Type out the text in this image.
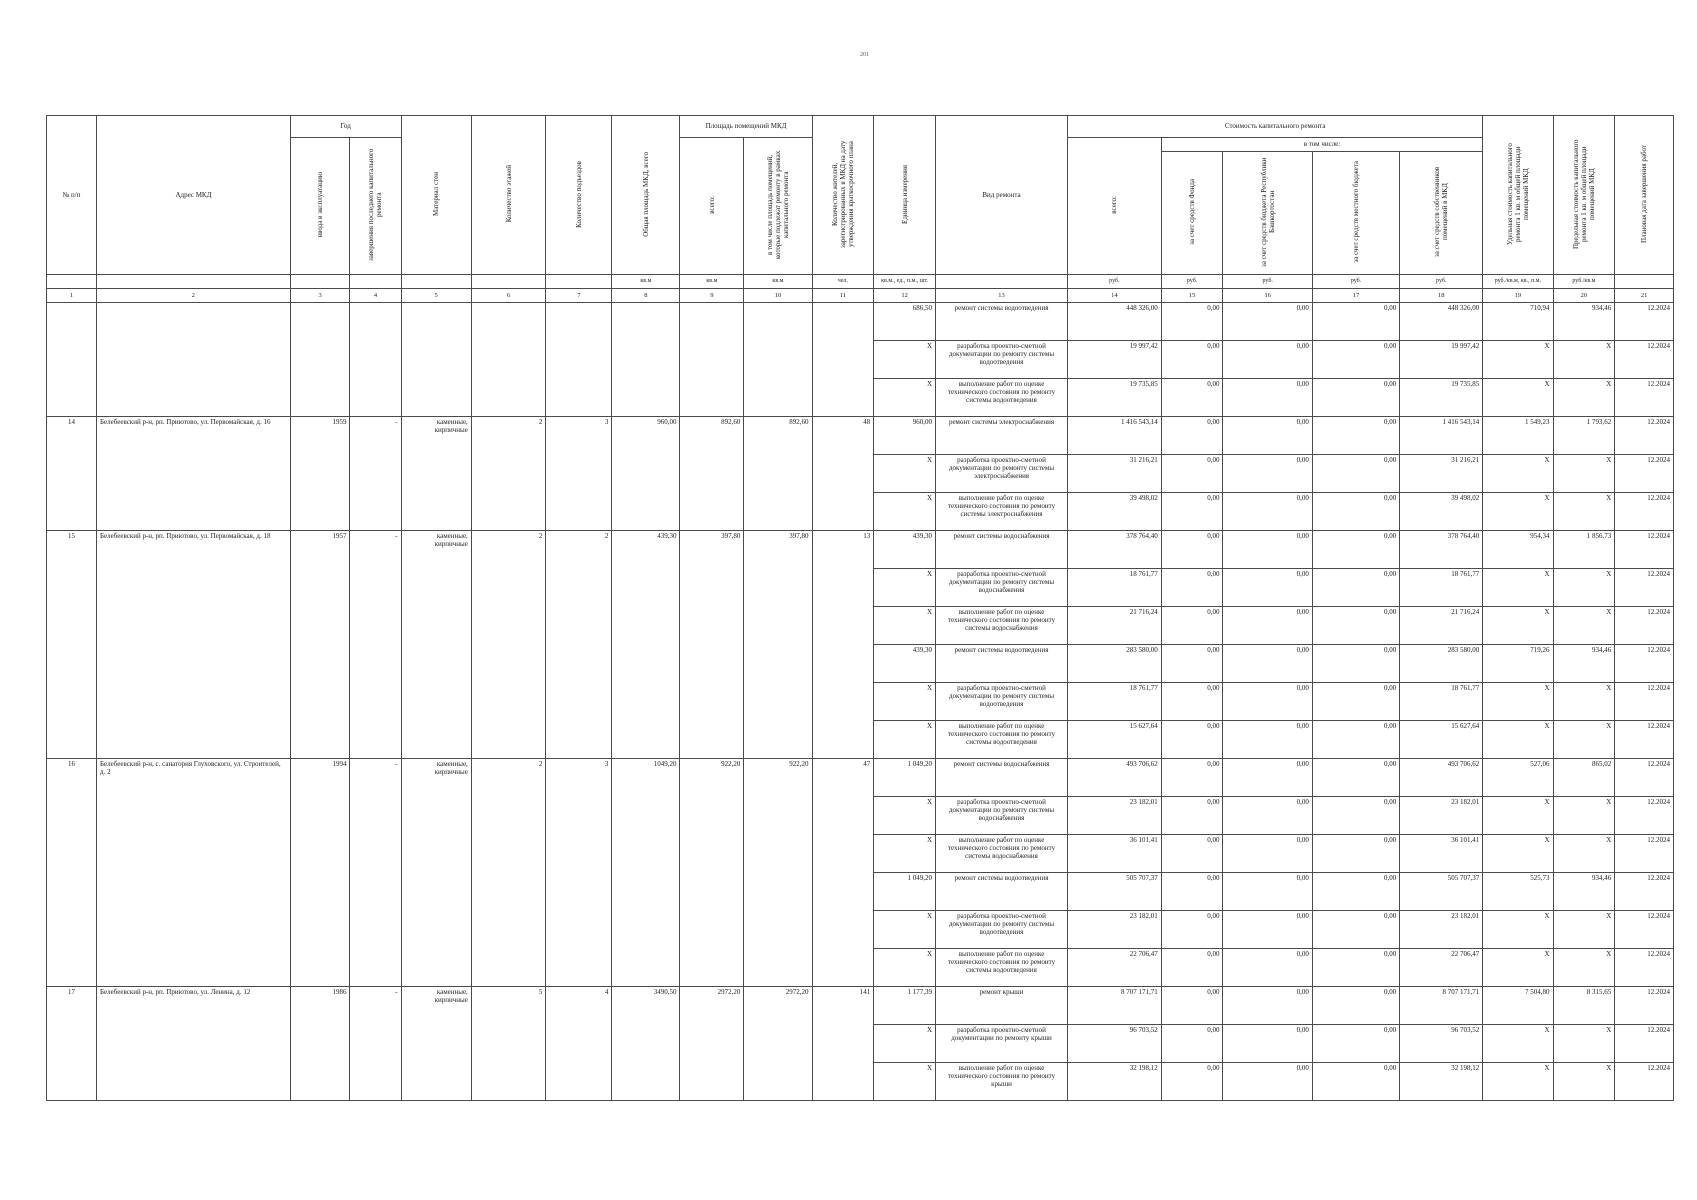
201
№ п/п	Адрес МКД	Год		Материал стен	Количество этажей	Количество подъездов	Общая площадь МКД, всего	Площадь помещений МКД		Количество жителей, зарегистрированных в МКД на дату утверждения краткосрочного плана	Единица измерения	Вид ремонта	Стоимость капитального ремонта					Удельная стоимость капитального ремонта 1 кв. м общей площади помещений МКД	Предельная стоимость капитального ремонта 1 кв. м общей площади помещений МКД	Плановая дата завершения работ
		ввода в эксплуатацию	завершения последнего капитального ремонта					всего:	в том числе площадь помещений, которые подлежат ремонту в рамках капитального ремонта				всего:	в том числе:						
														за счет средств Фонда	за счет средств бюджета Республики Башкортостан	за счет средств местного бюджета	за счет средств собственников помещений в МКД			
							кв.м	кв.м	кв.м	чел.	кв.м., ед., п.м., шт.		руб.	руб.	руб.	руб.	руб.	руб./кв.м, кв., п.м.	руб./кв.м	
1	2	3	4	5	6	7	8	9	10	11	12	13	14	15	16	17	18	19	20	21
											686,50	ремонт системы водоотведения	448 326,00	0,00	0,00	0,00	448 326,00	710,94	934,46	12.2024
											X	разработка проектно-сметной документации по ремонту системы водоотведения	19 997,42	0,00	0,00	0,00	19 997,42	X	X	12.2024
											X	выполнение работ по оценке технического состояния по ремонту системы водоотведения	19 735,85	0,00	0,00	0,00	19 735,85	X	X	12.2024
14	Белебеевский р-н, рп. Приютово, ул. Первомайская, д. 16	1959	-	каменные, кирпичные	2	3	960,00	892,60	892,60	48	960,00	ремонт системы электроснабжения	1 416 543,14	0,00	0,00	0,00	1 416 543,14	1 549,23	1 793,62	12.2024
											X	разработка проектно-сметной документации по ремонту системы электроснабжения	31 216,21	0,00	0,00	0,00	31 216,21	X	X	12.2024
											X	выполнение работ по оценке технического состояния по ремонту системы электроснабжения	39 498,02	0,00	0,00	0,00	39 498,02	X	X	12.2024
15	Белебеевский р-н, рп. Приютово, ул. Первомайская, д. 18	1957	-	каменные, кирпичные	2	2	439,30	397,80	397,80	13	439,30	ремонт системы водоснабжения	378 764,40	0,00	0,00	0,00	378 764,40	954,34	1 856,73	12.2024
											X	разработка проектно-сметной документации по ремонту системы водоснабжения	18 761,77	0,00	0,00	0,00	18 761,77	X	X	12.2024
											X	выполнение работ по оценке технического состояния по ремонту системы водоснабжения	21 716,24	0,00	0,00	0,00	21 716,24	X	X	12.2024
											439,30	ремонт системы водоотведения	283 580,00	0,00	0,00	0,00	283 580,00	719,26	934,46	12.2024
											X	разработка проектно-сметной документации по ремонту системы водоотведения	18 761,77	0,00	0,00	0,00	18 761,77	X	X	12.2024
											X	выполнение работ по оценке технического состояния по ремонту системы водоотведения	15 627,64	0,00	0,00	0,00	15 627,64	X	X	12.2024
16	Белебеевский р-н, с. санатория Глуховского, ул. Строителей, д. 2	1994	-	каменные, кирпичные	2	3	1049,20	922,20	922,20	47	1 049,20	ремонт системы водоснабжения	493 706,62	0,00	0,00	0,00	493 706,62	527,06	865,02	12.2024
											X	разработка проектно-сметной документации по ремонту системы водоснабжения	23 182,01	0,00	0,00	0,00	23 182,01	X	X	12.2024
											X	выполнение работ по оценке технического состояния по ремонту системы водоснабжения	36 101,41	0,00	0,00	0,00	36 101,41	X	X	12.2024
											1 049,20	ремонт системы водоотведения	505 707,37	0,00	0,00	0,00	505 707,37	525,73	934,46	12.2024
											X	разработка проектно-сметной документации по ремонту системы водоотведения	23 182,01	0,00	0,00	0,00	23 182,01	X	X	12.2024
											X	выполнение работ по оценке технического состояния по ремонту системы водоотведения	22 706,47	0,00	0,00	0,00	22 706,47	X	X	12.2024
17	Белебеевский р-н, рп. Приютово, ул. Ленина, д. 12	1986	-	каменные, кирпичные	5	4	3490,50	2972,20	2972,20	141	1 177,39	ремонт крыши	8 707 171,71	0,00	0,00	0,00	8 707 171,71	7 504,80	8 315,65	12.2024
											X	разработка проектно-сметной документации по ремонту крыши	96 703,52	0,00	0,00	0,00	96 703,52	X	X	12.2024
											X	выполнение работ по оценке технического состояния по ремонту крыши	32 198,12	0,00	0,00	0,00	32 198,12	X	X	12.2024
